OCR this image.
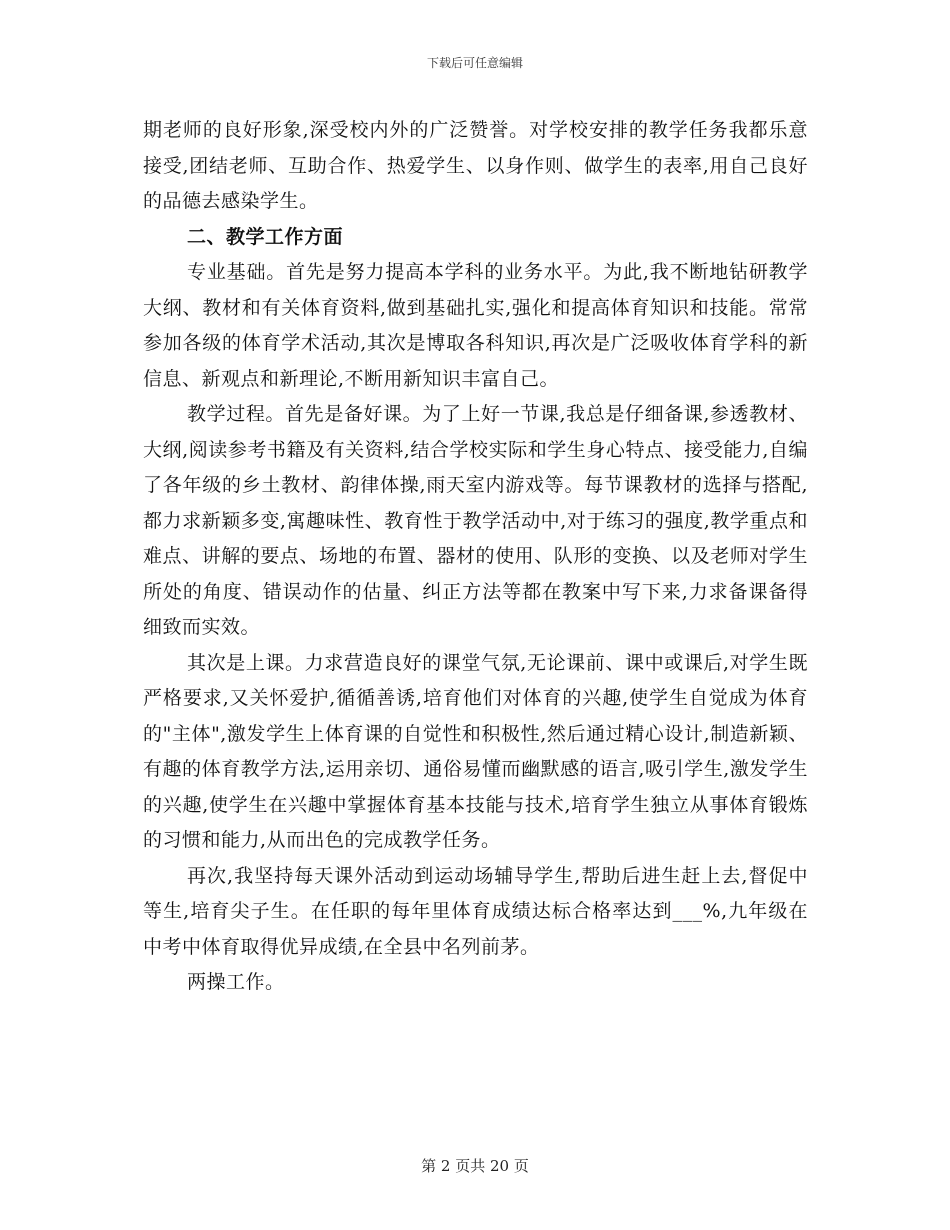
下载后可任意编辑

期老师的良好形象,深受校内外的广泛赞誉。对学校安排的教学任务我都乐意接受,团结老师、互助合作、热爱学生、以身作则、做学生的表率,用自己良好的品德去感染学生。

二、教学工作方面

专业基础。首先是努力提高本学科的业务水平。为此,我不断地钻研教学大纲、教材和有关体育资料,做到基础扎实,强化和提高体育知识和技能。常常参加各级的体育学术活动,其次是博取各科知识,再次是广泛吸收体育学科的新信息、新观点和新理论,不断用新知识丰富自己。

教学过程。首先是备好课。为了上好一节课,我总是仔细备课,参透教材、大纲,阅读参考书籍及有关资料,结合学校实际和学生身心特点、接受能力,自编了各年级的乡土教材、韵律体操,雨天室内游戏等。每节课教材的选择与搭配,都力求新颖多变,寓趣味性、教育性于教学活动中,对于练习的强度,教学重点和难点、讲解的要点、场地的布置、器材的使用、队形的变换、以及老师对学生所处的角度、错误动作的估量、纠正方法等都在教案中写下来,力求备课备得细致而实效。

其次是上课。力求营造良好的课堂气氛,无论课前、课中或课后,对学生既严格要求,又关怀爱护,循循善诱,培育他们对体育的兴趣,使学生自觉成为体育的"主体",激发学生上体育课的自觉性和积极性,然后通过精心设计,制造新颖、有趣的体育教学方法,运用亲切、通俗易懂而幽默感的语言,吸引学生,激发学生的兴趣,使学生在兴趣中掌握体育基本技能与技术,培育学生独立从事体育锻炼的习惯和能力,从而出色的完成教学任务。

再次,我坚持每天课外活动到运动场辅导学生,帮助后进生赶上去,督促中等生,培育尖子生。在任职的每年里体育成绩达标合格率达到___%,九年级在中考中体育取得优异成绩,在全县中名列前茅。

两操工作。

第 2 页共 20 页
